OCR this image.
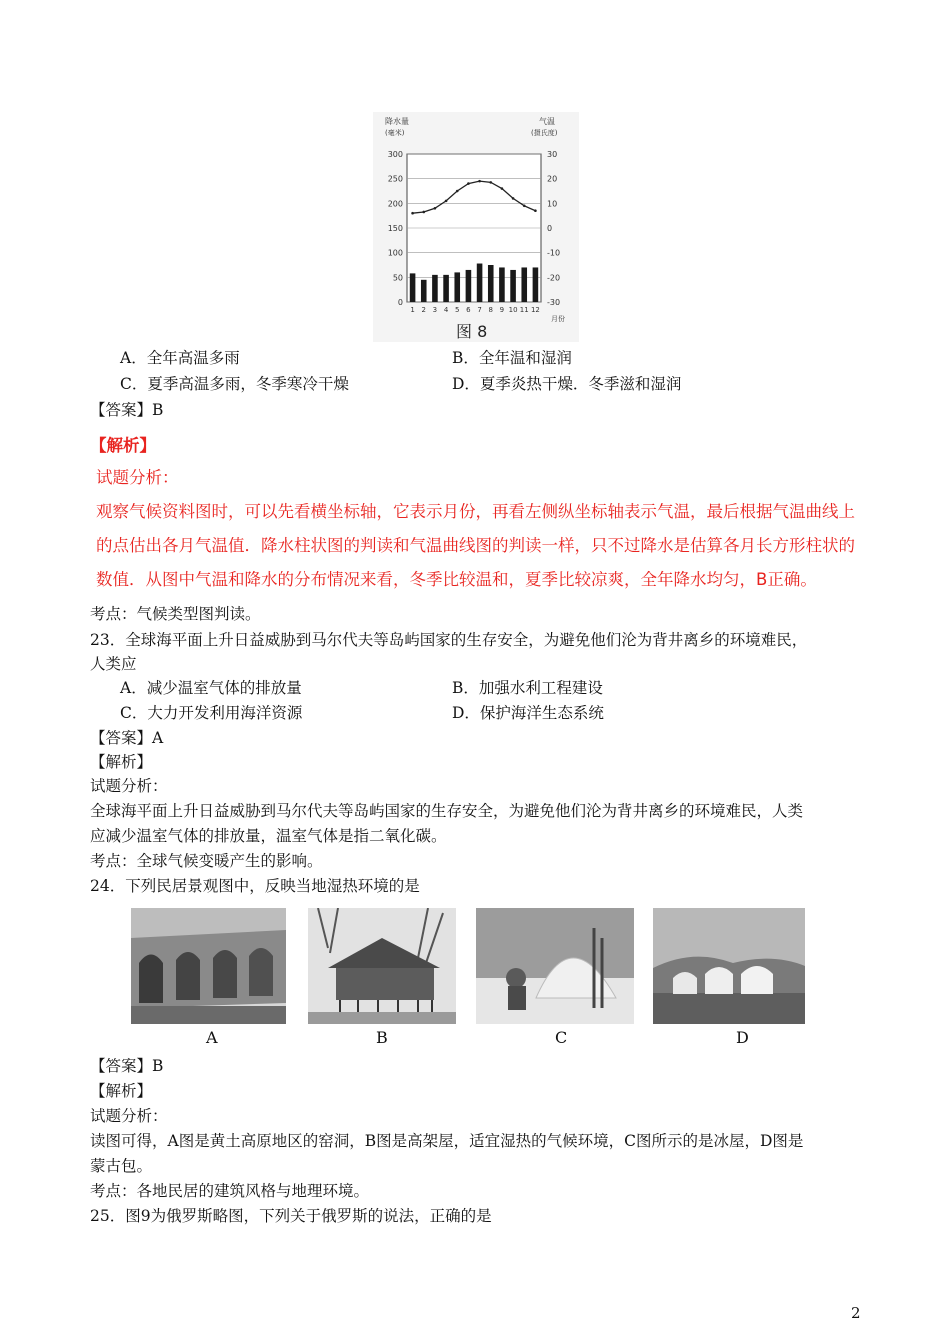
降水量
(毫米)
气温
(摄氏度)
300
250
200
150
100
50
0
30
20
10
0
-10
-20
-30
1 2 3 4 5 6 7 8 9 10 11 12
月份
图 8
A．全年高温多雨	B．全年温和湿润
C．夏季高温多雨，冬季寒冷干燥	D．夏季炎热干燥．冬季滋和湿润
【答案】B
【解析】
试题分析：
观察气候资料图时，可以先看横坐标轴，它表示月份，再看左侧纵坐标轴表示气温，最后根据气温曲线上
的点估出各月气温值．降水柱状图的判读和气温曲线图的判读一样，只不过降水是估算各月长方形柱状的
数值．从图中气温和降水的分布情况来看，冬季比较温和，夏季比较凉爽，全年降水均匀，B正确。
考点：气候类型图判读。
23．全球海平面上升日益威胁到马尔代夫等岛屿国家的生存安全，为避免他们沦为背井离乡的环境难民，
人类应
A．减少温室气体的排放量	B．加强水利工程建设
C．大力开发利用海洋资源	D．保护海洋生态系统
【答案】A
【解析】
试题分析：
全球海平面上升日益威胁到马尔代夫等岛屿国家的生存安全，为避免他们沦为背井离乡的环境难民，人类
应减少温室气体的排放量，温室气体是指二氧化碳。
考点：全球气候变暖产生的影响。
24．下列民居景观图中，反映当地湿热环境的是
A	B	C	D
【答案】B
【解析】
试题分析：
读图可得，A图是黄土高原地区的窑洞，B图是高架屋，适宜湿热的气候环境，C图所示的是冰屋，D图是
蒙古包。
考点：各地民居的建筑风格与地理环境。
25．图9为俄罗斯略图，下列关于俄罗斯的说法，正确的是
2
